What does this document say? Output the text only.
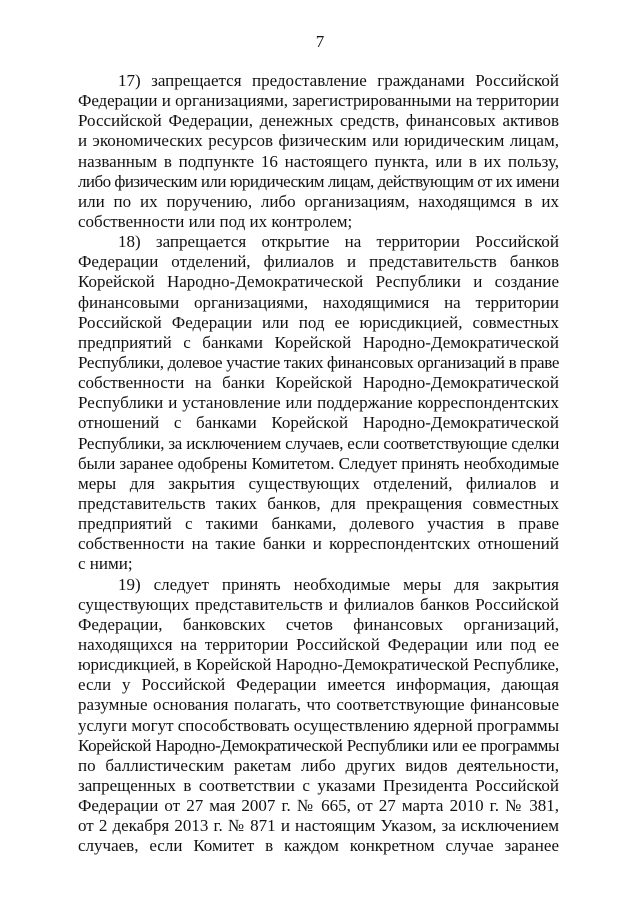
7
17) запрещается предоставление гражданами Российской
Федерации и организациями, зарегистрированными на территории
Российской Федерации, денежных средств, финансовых активов
и экономических ресурсов физическим или юридическим лицам,
названным в подпункте 16 настоящего пункта, или в их пользу,
либо физическим или юридическим лицам, действующим от их имени
или по их поручению, либо организациям, находящимся в их
собственности или под их контролем;
18) запрещается открытие на территории Российской
Федерации отделений, филиалов и представительств банков
Корейской Народно-Демократической Республики и создание
финансовыми организациями, находящимися на территории
Российской Федерации или под ее юрисдикцией, совместных
предприятий с банками Корейской Народно-Демократической
Республики, долевое участие таких финансовых организаций в праве
собственности на банки Корейской Народно-Демократической
Республики и установление или поддержание корреспондентских
отношений с банками Корейской Народно-Демократической
Республики, за исключением случаев, если соответствующие сделки
были заранее одобрены Комитетом. Следует принять необходимые
меры для закрытия существующих отделений, филиалов и
представительств таких банков, для прекращения совместных
предприятий с такими банками, долевого участия в праве
собственности на такие банки и корреспондентских отношений
с ними;
19) следует принять необходимые меры для закрытия
существующих представительств и филиалов банков Российской
Федерации, банковских счетов финансовых организаций,
находящихся на территории Российской Федерации или под ее
юрисдикцией, в Корейской Народно-Демократической Республике,
если у Российской Федерации имеется информация, дающая
разумные основания полагать, что соответствующие финансовые
услуги могут способствовать осуществлению ядерной программы
Корейской Народно-Демократической Республики или ее программы
по баллистическим ракетам либо других видов деятельности,
запрещенных в соответствии с указами Президента Российской
Федерации от 27 мая 2007 г. № 665, от 27 марта 2010 г. № 381,
от 2 декабря 2013 г. № 871 и настоящим Указом, за исключением
случаев, если Комитет в каждом конкретном случае заранее
